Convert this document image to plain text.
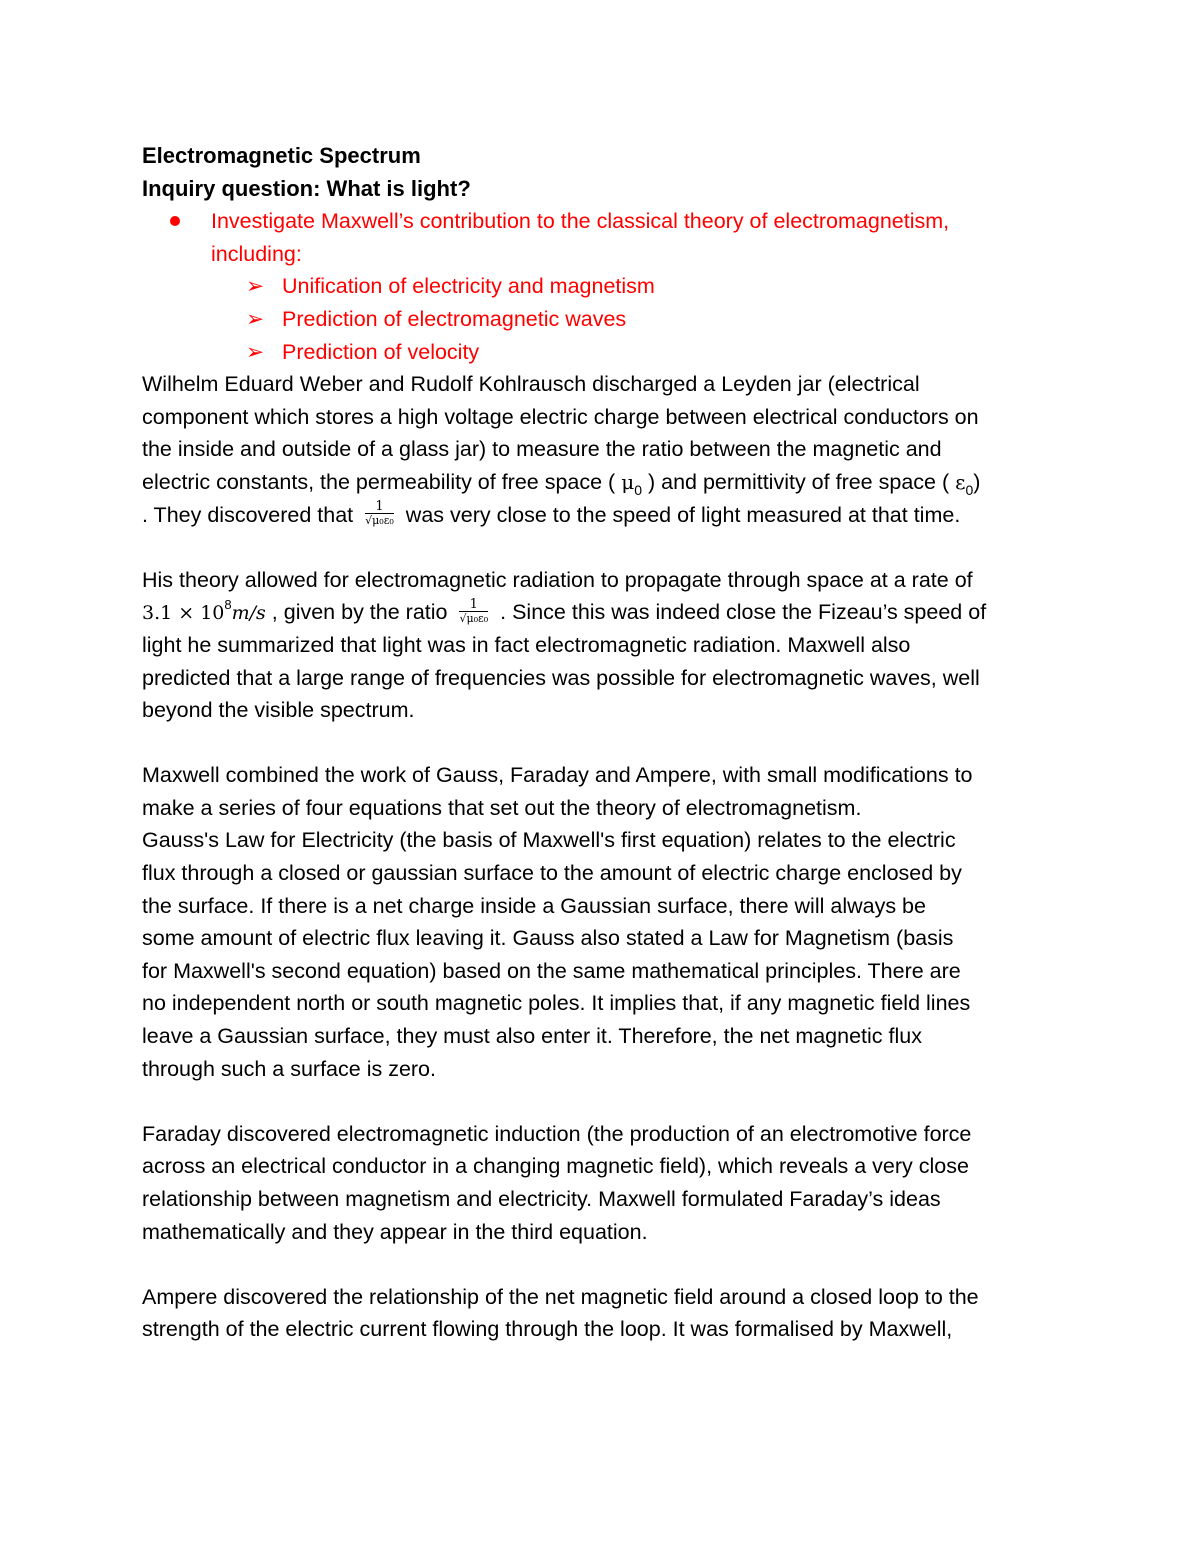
Electromagnetic Spectrum
Inquiry question: What is light?
Investigate Maxwell’s contribution to the classical theory of electromagnetism,
including:
➢ Unification of electricity and magnetism
➢ Prediction of electromagnetic waves
➢ Prediction of velocity
Wilhelm Eduard Weber and Rudolf Kohlrausch discharged a Leyden jar (electrical
component which stores a high voltage electric charge between electrical conductors on
the inside and outside of a glass jar) to measure the ratio between the magnetic and
electric constants, the permeability of free space ( $\mu_0$ ) and permittivity of free space ( $\varepsilon_0$)
. They discovered that $\frac{1}{\text{√μ₀ε₀}}$ was very close to the speed of light measured at that time.
His theory allowed for electromagnetic radiation to propagate through space at a rate of
$3.1 \times 10^8m/s$ , given by the ratio $\frac{1}{\text{√μ₀ε₀}}$ . Since this was indeed close the Fizeau’s speed of
light he summarized that light was in fact electromagnetic radiation. Maxwell also
predicted that a large range of frequencies was possible for electromagnetic waves, well
beyond the visible spectrum.
Maxwell combined the work of Gauss, Faraday and Ampere, with small modifications to
make a series of four equations that set out the theory of electromagnetism.
Gauss's Law for Electricity (the basis of Maxwell's first equation) relates to the electric
flux through a closed or gaussian surface to the amount of electric charge enclosed by
the surface. If there is a net charge inside a Gaussian surface, there will always be
some amount of electric flux leaving it. Gauss also stated a Law for Magnetism (basis
for Maxwell's second equation) based on the same mathematical principles. There are
no independent north or south magnetic poles. It implies that, if any magnetic field lines
leave a Gaussian surface, they must also enter it. Therefore, the net magnetic flux
through such a surface is zero.
Faraday discovered electromagnetic induction (the production of an electromotive force
across an electrical conductor in a changing magnetic field), which reveals a very close
relationship between magnetism and electricity. Maxwell formulated Faraday’s ideas
mathematically and they appear in the third equation.
Ampere discovered the relationship of the net magnetic field around a closed loop to the
strength of the electric current flowing through the loop. It was formalised by Maxwell,
